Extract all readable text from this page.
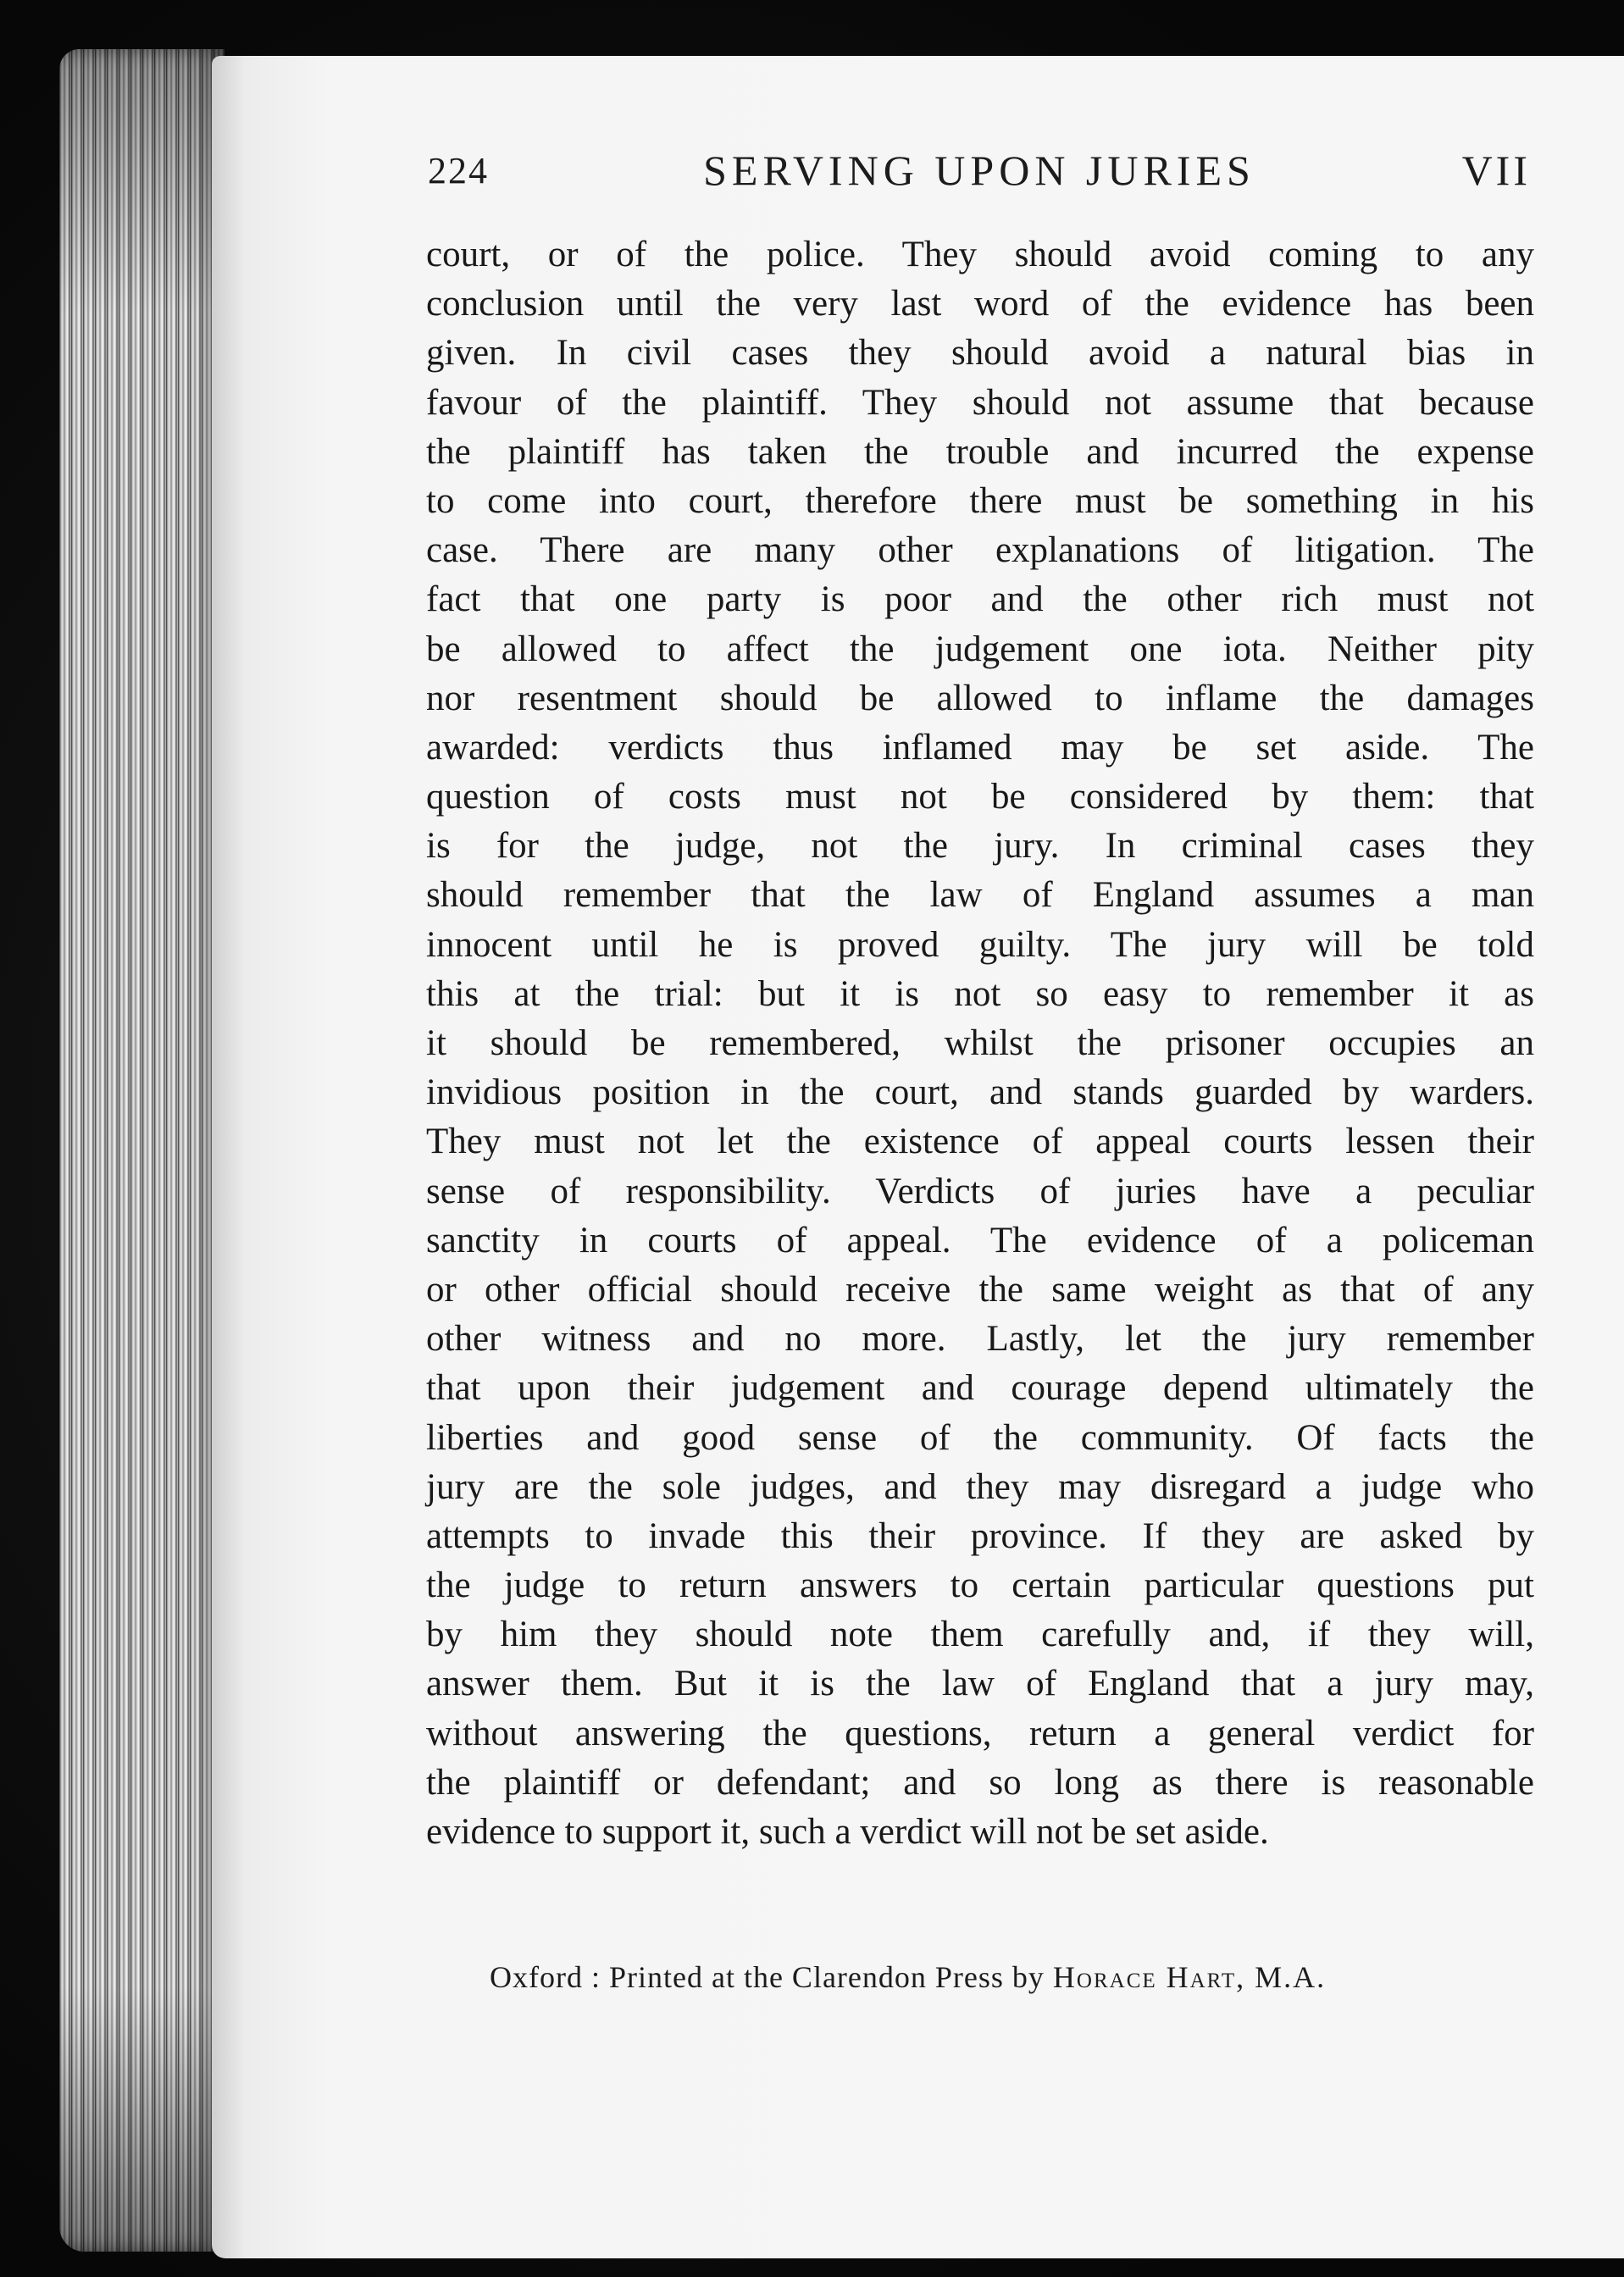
224	SERVING UPON JURIES	VII
court, or of the police. They should avoid coming to any
conclusion until the very last word of the evidence has been
given. In civil cases they should avoid a natural bias in
favour of the plaintiff. They should not assume that because
the plaintiff has taken the trouble and incurred the expense
to come into court, therefore there must be something in his
case. There are many other explanations of litigation. The
fact that one party is poor and the other rich must not
be allowed to affect the judgement one iota. Neither pity
nor resentment should be allowed to inflame the damages
awarded: verdicts thus inflamed may be set aside. The
question of costs must not be considered by them: that
is for the judge, not the jury. In criminal cases they
should remember that the law of England assumes a man
innocent until he is proved guilty. The jury will be told
this at the trial: but it is not so easy to remember it as
it should be remembered, whilst the prisoner occupies an
invidious position in the court, and stands guarded by warders.
They must not let the existence of appeal courts lessen their
sense of responsibility. Verdicts of juries have a peculiar
sanctity in courts of appeal. The evidence of a policeman
or other official should receive the same weight as that of any
other witness and no more. Lastly, let the jury remember
that upon their judgement and courage depend ultimately the
liberties and good sense of the community. Of facts the
jury are the sole judges, and they may disregard a judge who
attempts to invade this their province. If they are asked by
the judge to return answers to certain particular questions put
by him they should note them carefully and, if they will,
answer them. But it is the law of England that a jury may,
without answering the questions, return a general verdict for
the plaintiff or defendant; and so long as there is reasonable
evidence to support it, such a verdict will not be set aside.
Oxford : Printed at the Clarendon Press by Horace Hart, M.A.
